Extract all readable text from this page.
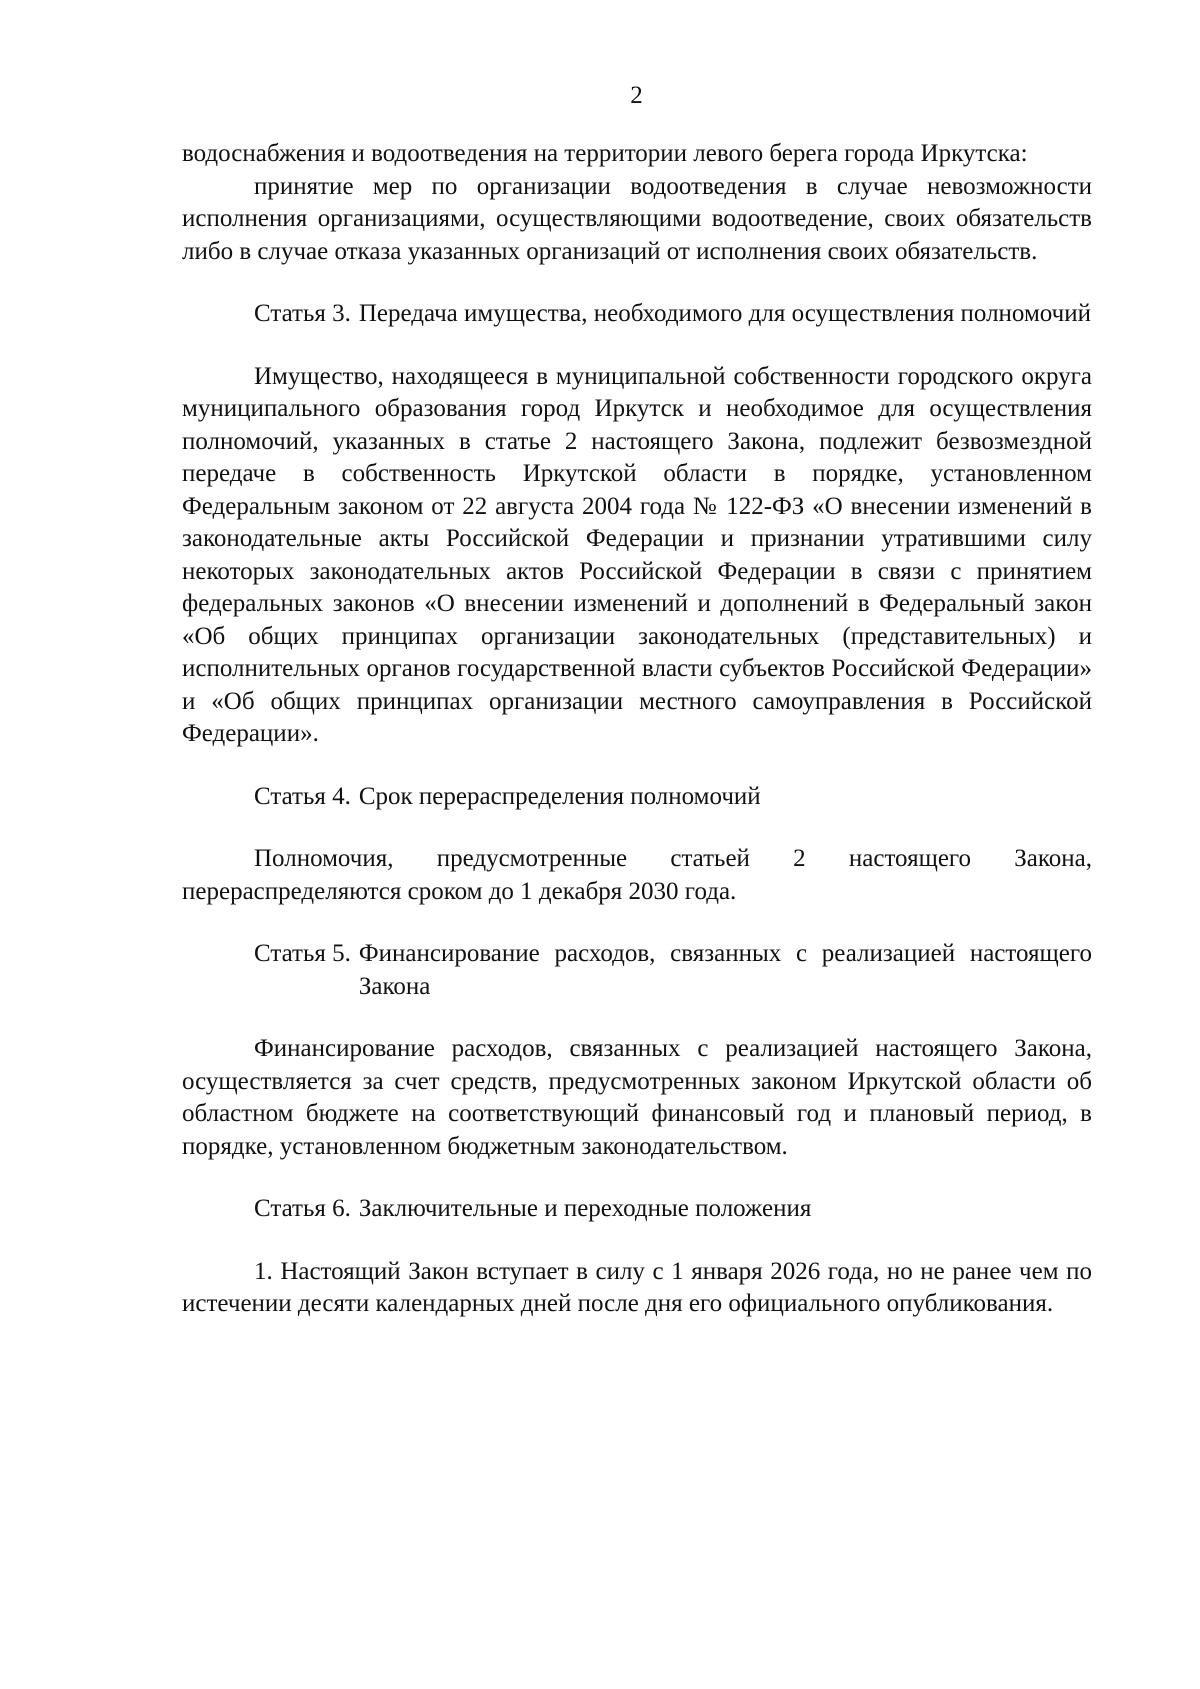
2

водоснабжения и водоотведения на территории левого берега города Иркутска:

принятие мер по организации водоотведения в случае невозможности исполнения организациями, осуществляющими водоотведение, своих обязательств либо в случае отказа указанных организаций от исполнения своих обязательств.

Статья 3. Передача имущества, необходимого для осуществления полномочий

Имущество, находящееся в муниципальной собственности городского округа муниципального образования город Иркутск и необходимое для осуществления полномочий, указанных в статье 2 настоящего Закона, подлежит безвозмездной передаче в собственность Иркутской области в порядке, установленном Федеральным законом от 22 августа 2004 года № 122-ФЗ «О внесении изменений в законодательные акты Российской Федерации и признании утратившими силу некоторых законодательных актов Российской Федерации в связи с принятием федеральных законов «О внесении изменений и дополнений в Федеральный закон «Об общих принципах организации законодательных (представительных) и исполнительных органов государственной власти субъектов Российской Федерации» и «Об общих принципах организации местного самоуправления в Российской Федерации».

Статья 4. Срок перераспределения полномочий

Полномочия, предусмотренные статьей 2 настоящего Закона, перераспределяются сроком до 1 декабря 2030 года.

Статья 5. Финансирование расходов, связанных с реализацией настоящего Закона

Финансирование расходов, связанных с реализацией настоящего Закона, осуществляется за счет средств, предусмотренных законом Иркутской области об областном бюджете на соответствующий финансовый год и плановый период, в порядке, установленном бюджетным законодательством.

Статья 6. Заключительные и переходные положения

1. Настоящий Закон вступает в силу с 1 января 2026 года, но не ранее чем по истечении десяти календарных дней после дня его официального опубликования.
